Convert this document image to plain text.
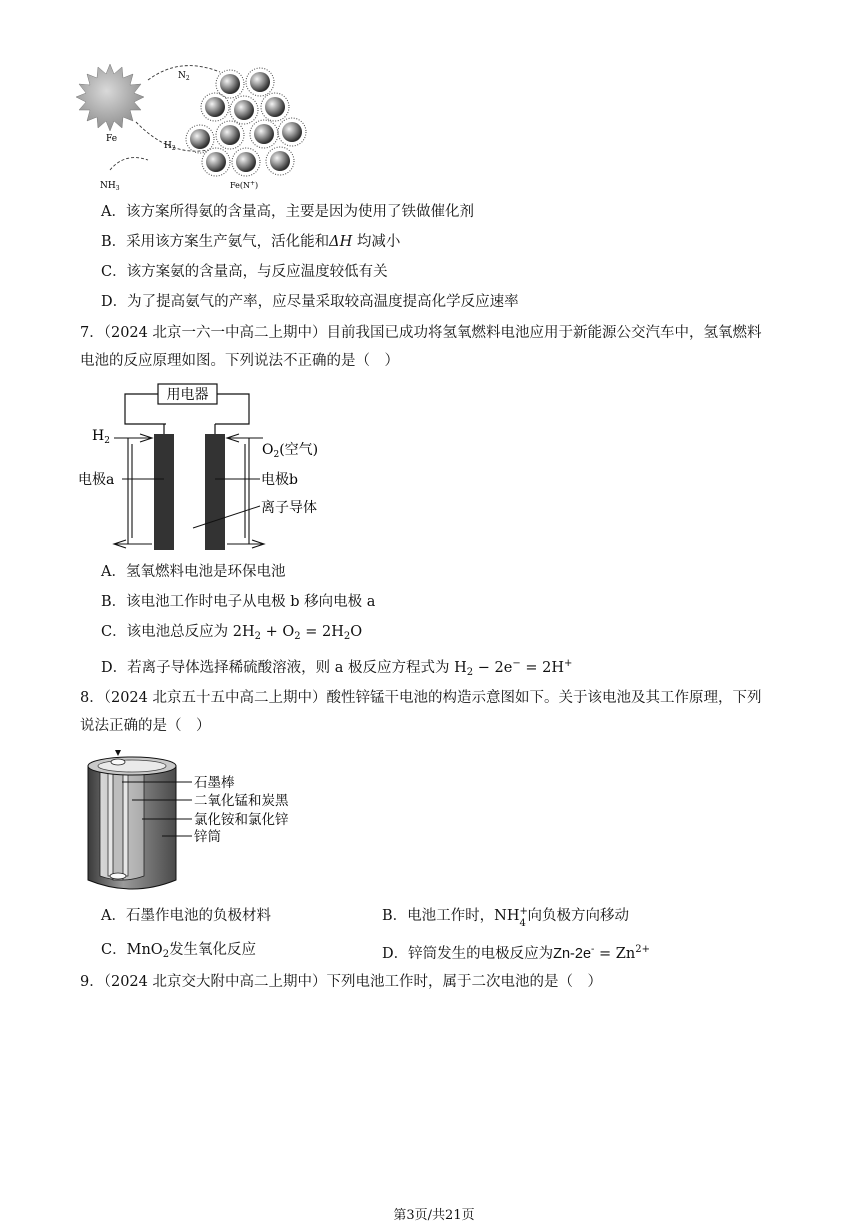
Fe
$N_2$
$H_2$
$NH_3$	Fe(N+)
A．该方案所得氨的含量高，主要是因为使用了铁做催化剂
B．采用该方案生产氨气，活化能和ΔH 均减小
C．该方案氨的含量高，与反应温度较低有关
D．为了提高氨气的产率，应尽量采取较高温度提高化学反应速率
7．（2024 北京一六一中高二上期中）目前我国已成功将氢氧燃料电池应用于新能源公交汽车中，氢氧燃料
电池的反应原理如图。下列说法不正确的是（　）
用电器
$H_2$
$O_2$(空气)
电极a	电极b
离子导体
A．氢氧燃料电池是环保电池
B．该电池工作时电子从电极 b 移向电极 a
C．该电池总反应为 $2H_2 + O_2 = 2H_2O$
D．若离子导体选择稀硫酸溶液，则 a 极反应方程式为 $H_2 - 2e^- = 2H^+$
8．（2024 北京五十五中高二上期中）酸性锌锰干电池的构造示意图如下。关于该电池及其工作原理，下列
说法正确的是（　）
石墨棒
二氧化锰和炭黑
氯化铵和氯化锌
锌筒
A．石墨作电池的负极材料	B．电池工作时，NH +
4 向负极方向移动
C．MnO$_2$发生氧化反应	D．锌筒发生的电极反应为$Zn-2e^- = Zn^{2+}$
9．（2024 北京交大附中高二上期中）下列电池工作时，属于二次电池的是（　）
第3页/共21页
